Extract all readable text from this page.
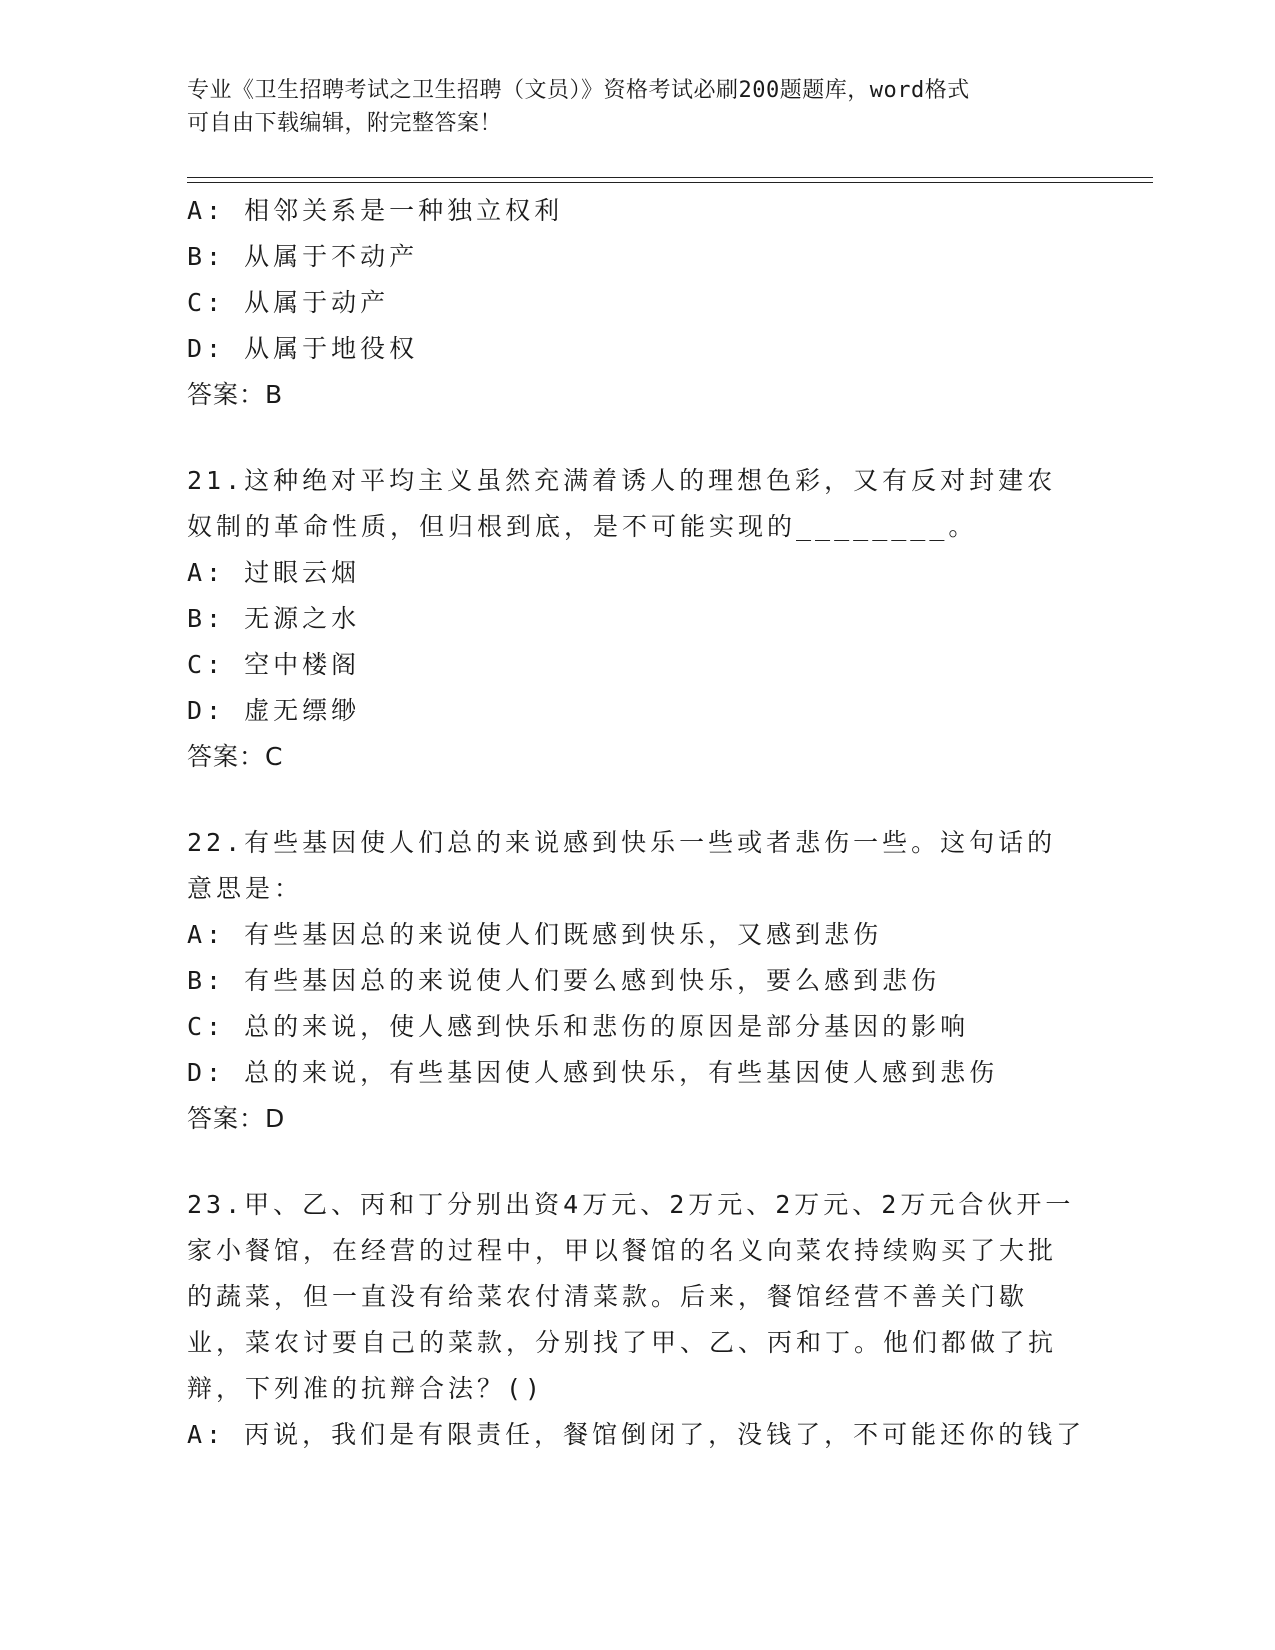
专业《卫生招聘考试之卫生招聘（文员）》资格考试必刷200题题库，word格式
可自由下载编辑，附完整答案！

A: 相邻关系是一种独立权利

B: 从属于不动产

C: 从属于动产

D: 从属于地役权

答案：B

21.这种绝对平均主义虽然充满着诱人的理想色彩，又有反对封建农奴制的革命性质，但归根到底，是不可能实现的________。

A: 过眼云烟

B: 无源之水

C: 空中楼阁

D: 虚无缥缈

答案：C

22.有些基因使人们总的来说感到快乐一些或者悲伤一些。这句话的意思是：

A: 有些基因总的来说使人们既感到快乐，又感到悲伤

B: 有些基因总的来说使人们要么感到快乐，要么感到悲伤

C: 总的来说，使人感到快乐和悲伤的原因是部分基因的影响

D: 总的来说，有些基因使人感到快乐，有些基因使人感到悲伤

答案：D

23.甲、乙、丙和丁分别出资4万元、2万元、2万元、2万元合伙开一家小餐馆，在经营的过程中，甲以餐馆的名义向菜农持续购买了大批的蔬菜，但一直没有给菜农付清菜款。后来，餐馆经营不善关门歇业，菜农讨要自己的菜款，分别找了甲、乙、丙和丁。他们都做了抗辩，下列准的抗辩合法？()

A: 丙说，我们是有限责任，餐馆倒闭了，没钱了，不可能还你的钱了
